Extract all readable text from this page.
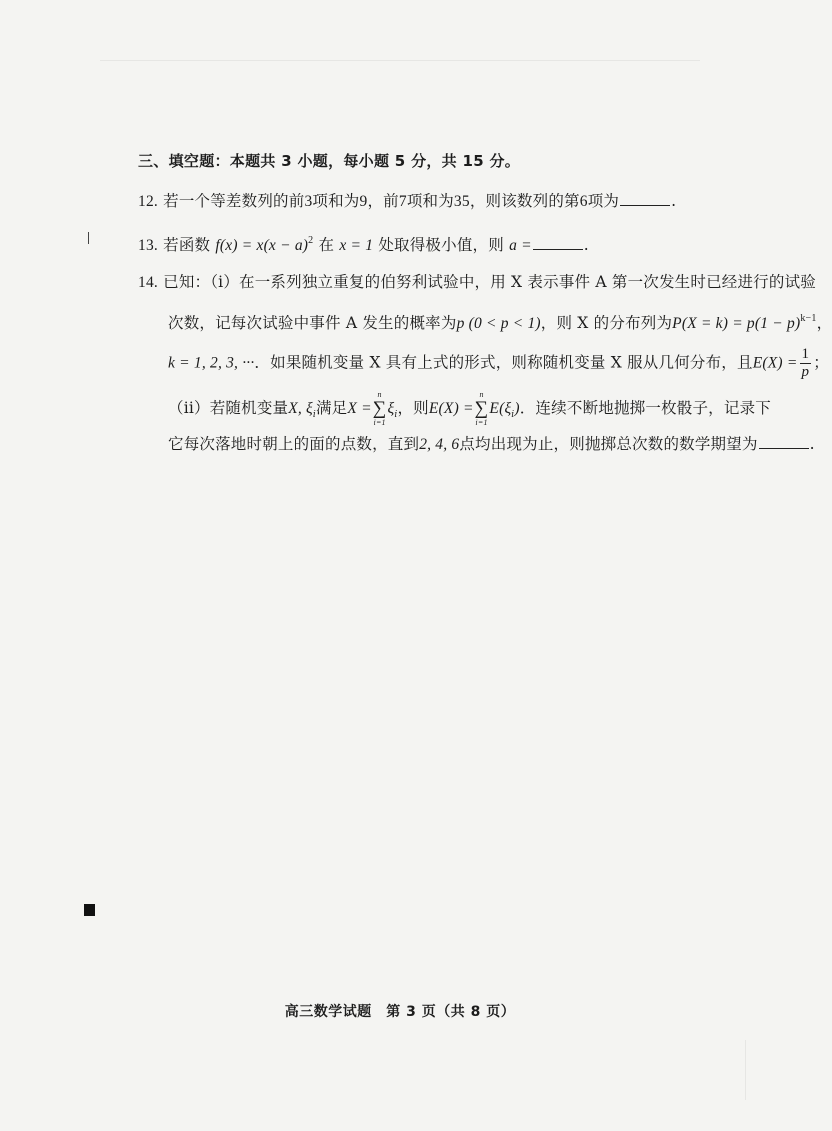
三、填空题：本题共 3 小题，每小题 5 分，共 15 分。
12. 若一个等差数列的前3项和为9，前7项和为35，则该数列的第6项为	.
13. 若函数 $f(x) = x(x - a)^2$ 在 x = 1 处取得极小值，则 a =	.
14. 已知：（i）在一系列独立重复的伯努利试验中，用 X 表示事件 A 第一次发生时已经进行的试验
次数，记每次试验中事件 A 发生的概率为p (0 < p < 1)，则 X 的分布列为$P(X = k) = p(1 - p)^{k-1}$，
k = 1, 2, 3, ···．如果随机变量 X 具有上式的形式，则称随机变量 X 服从几何分布，且$E(X) = \frac{1}{p}$ ；
（ii）若随机变量X, $\xi_i$满足X =
n
∑
i=1
$\xi_i$，则E(X) =
n
∑
i=1
$E(\xi_i)$．连续不断地抛掷一枚骰子，记录下
它每次落地时朝上的面的点数，直到2, 4, 6点均出现为止，则抛掷总次数的数学期望为	.
高三数学试题　第 3 页（共 8 页）
